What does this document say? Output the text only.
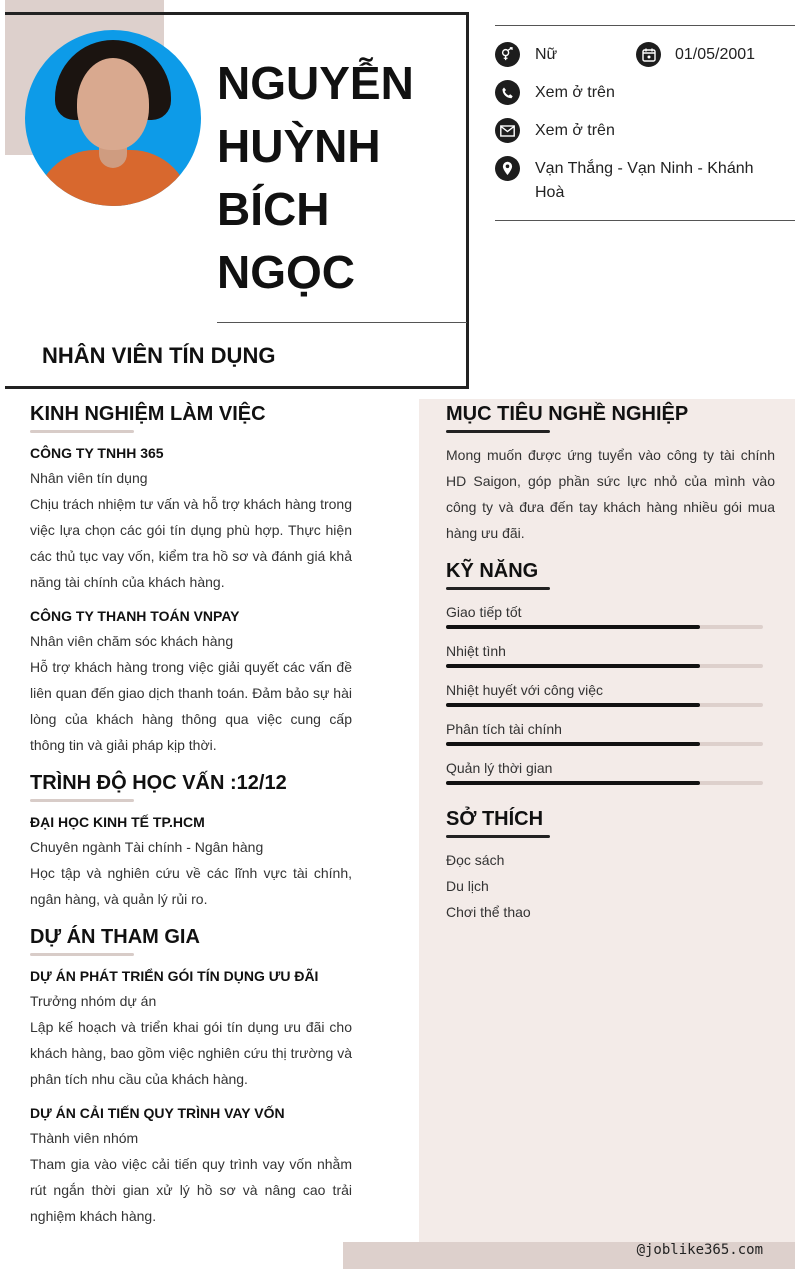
NGUYỄN HUỲNH BÍCH NGỌC
NHÂN VIÊN TÍN DỤNG
Nữ	01/05/2001
Xem ở trên
Xem ở trên
Vạn Thắng - Vạn Ninh - Khánh Hoà
KINH NGHIỆM LÀM VIỆC
CÔNG TY TNHH 365
Nhân viên tín dụng
Chịu trách nhiệm tư vấn và hỗ trợ khách hàng trong việc lựa chọn các gói tín dụng phù hợp. Thực hiện các thủ tục vay vốn, kiểm tra hồ sơ và đánh giá khả năng tài chính của khách hàng.
CÔNG TY THANH TOÁN VNPAY
Nhân viên chăm sóc khách hàng
Hỗ trợ khách hàng trong việc giải quyết các vấn đề liên quan đến giao dịch thanh toán. Đảm bảo sự hài lòng của khách hàng thông qua việc cung cấp thông tin và giải pháp kịp thời.
TRÌNH ĐỘ HỌC VẤN :12/12
ĐẠI HỌC KINH TẾ TP.HCM
Chuyên ngành Tài chính - Ngân hàng
Học tập và nghiên cứu về các lĩnh vực tài chính, ngân hàng, và quản lý rủi ro.
DỰ ÁN THAM GIA
DỰ ÁN PHÁT TRIỂN GÓI TÍN DỤNG ƯU ĐÃI
Trưởng nhóm dự án
Lập kế hoạch và triển khai gói tín dụng ưu đãi cho khách hàng, bao gồm việc nghiên cứu thị trường và phân tích nhu cầu của khách hàng.
DỰ ÁN CẢI TIẾN QUY TRÌNH VAY VỐN
Thành viên nhóm
Tham gia vào việc cải tiến quy trình vay vốn nhằm rút ngắn thời gian xử lý hồ sơ và nâng cao trải nghiệm khách hàng.
MỤC TIÊU NGHỀ NGHIỆP
Mong muốn được ứng tuyển vào công ty tài chính HD Saigon, góp phần sức lực nhỏ của mình vào công ty và đưa đến tay khách hàng nhiều gói mua hàng ưu đãi.
KỸ NĂNG
Giao tiếp tốt
Nhiệt tình
Nhiệt huyết với công việc
Phân tích tài chính
Quản lý thời gian
SỞ THÍCH
Đọc sách
Du lịch
Chơi thể thao
@joblike365.com
